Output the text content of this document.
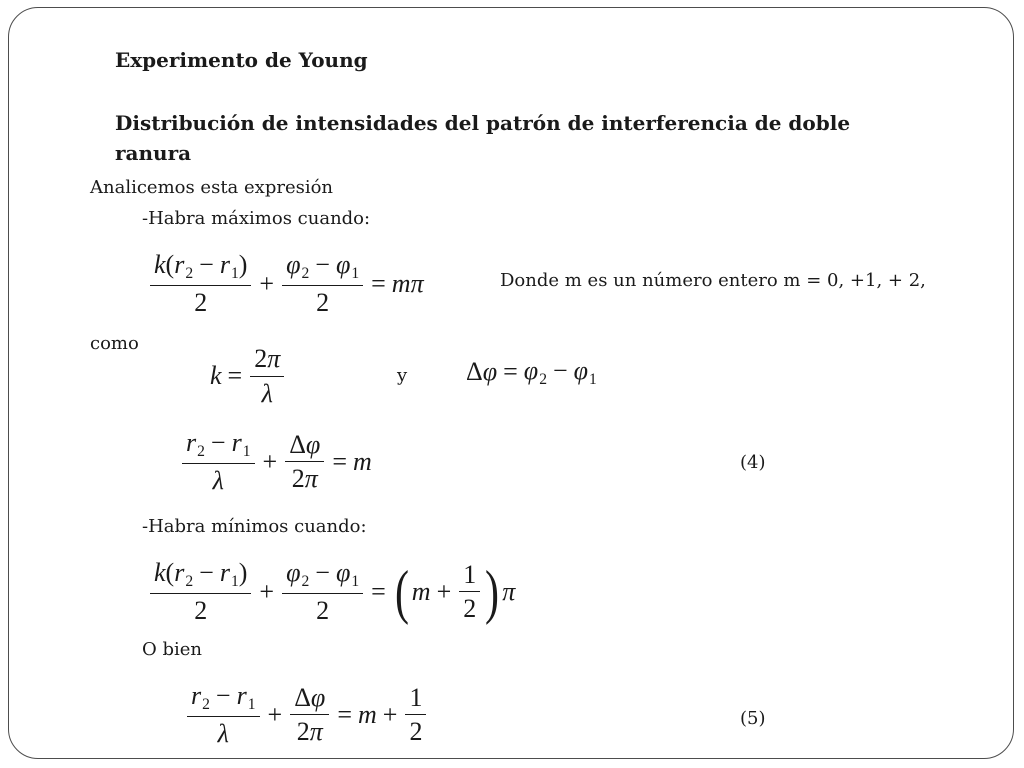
Experimento de Young
Distribución de intensidades del patrón de interferencia de doble
ranura
Analicemos esta expresión
-Habra máximos cuando:
$\frac{k(r_2 - r_1)}{2} + \frac{\varphi_2 - \varphi_1}{2} = m\pi$	Donde m es un número entero m = 0, +1, + 2,
como
$k = \frac{2\pi}{\lambda}$	y $\Delta\varphi = \varphi_2 - \varphi_1$
$\frac{r_2 - r_1}{\lambda} + \frac{\Delta\varphi}{2\pi} = m$	(4)
-Habra mínimos cuando:
$\frac{k(r_2 - r_1)}{2} + \frac{\varphi_2 - \varphi_1}{2}$ = ( $m + \frac{1}{2}$ ) π
O bien
$\frac{r_2 - r_1}{\lambda} + \frac{\Delta\varphi}{2\pi} = m + \frac{1}{2}$	(5)
